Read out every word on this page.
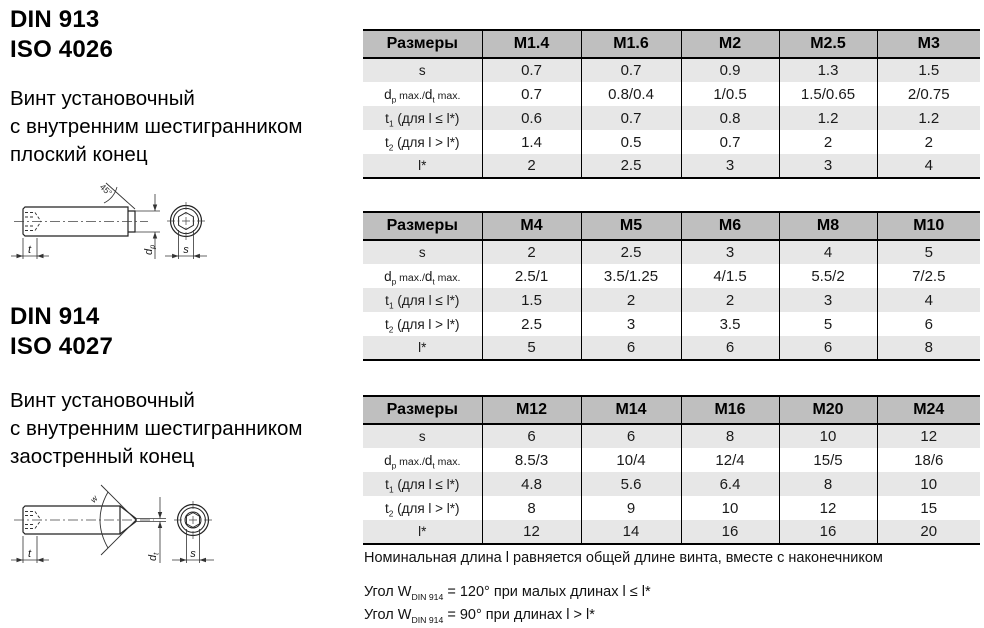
DIN 913
ISO 4026
Винт установочный
с внутренним шестигранником
плоский конец
45°
t	$d_p$ s
DIN 914
ISO 4027
Винт установочный
с внутренним шестигранником
заостренный конец
w
t	$d_t$	s
Размеры	M1.4	M1.6	M2	M2.5	M3
s	0.7	0.7	0.9	1.3	1.5
$d_p$ $\max./d_t$ max.	0.7	0.8/0.4	1/0.5	1.5/0.65	2/0.75
$t_1$ (для l ≤ l*)	0.6	0.7	0.8	1.2	1.2
$t_2$ (для l > l*)	1.4	0.5	0.7	2	2
l*	2	2.5	3	3	4
Размеры	M4	M5	M6	M8	M10
s	2	2.5	3	4	5
$d_p$ $\max./d_t$ max.	2.5/1	3.5/1.25	4/1.5	5.5/2	7/2.5
$t_1$ (для l ≤ l*)	1.5	2	2	3	4
$t_2$ (для l > l*)	2.5	3	3.5	5	6
l*	5	6	6	6	8
Размеры	M12	M14	M16	M20	M24
s	6	6	8	10	12
$d_p$ $\max./d_t$ max.	8.5/3	10/4	12/4	15/5	18/6
$t_1$ (для l ≤ l*)	4.8	5.6	6.4	8	10
$t_2$ (для l > l*)	8	9	10	12	15
l*	12	14	16	16	20
Номинальная длина l равняется общей длине винта, вместе с наконечником
Угол $W_{DIN 914} = 120^\circ$ при малых длинах l ≤ l*
Угол $W_{DIN 914} = 90^\circ$ при длинах l > l*
